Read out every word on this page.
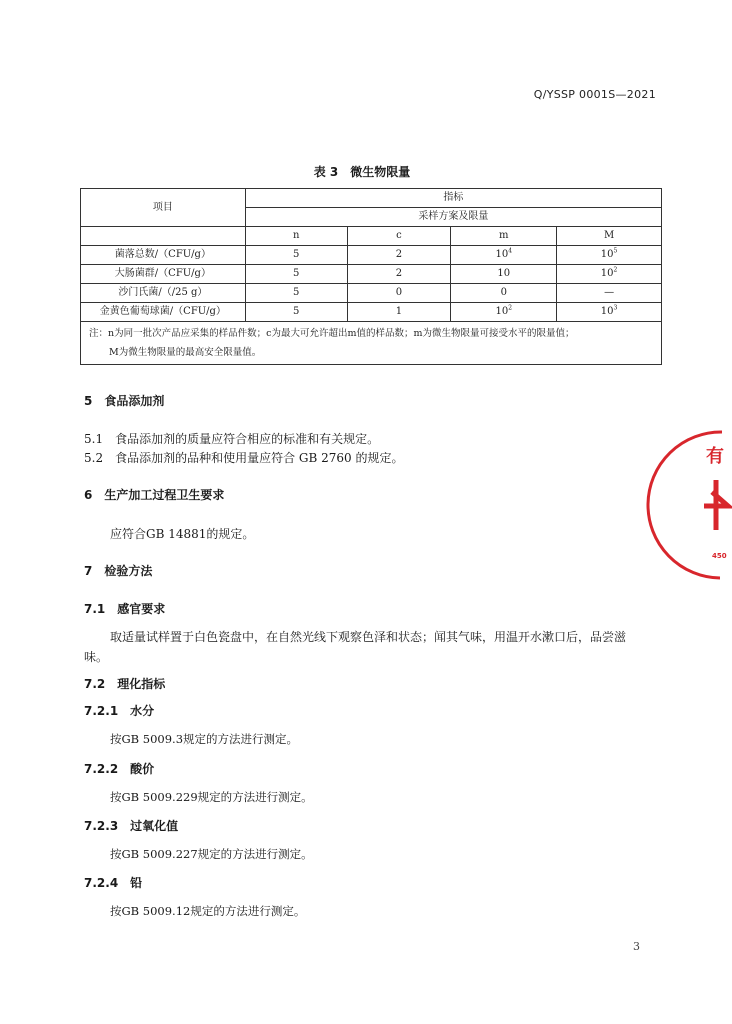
Q/YSSP 0001S—2021
表 3　微生物限量
项目	指标			
	采样方案及限量			
	n	c	m	M
菌落总数/（CFU/g）	5	2	$10^4$	$10^5$
大肠菌群/（CFU/g）	5	2	10	$10^2$
沙门氏菌/（/25 g）	5	0	0	—
金黄色葡萄球菌/（CFU/g）	5	1	$10^2$	$10^3$

注：n为同一批次产品应采集的样品件数；c为最大可允许超出m值的样品数；m为微生物限量可接受水平的限量值；
M为微生物限量的最高安全限量值。				
5　食品添加剂
5.1　食品添加剂的质量应符合相应的标准和有关规定。
5.2　食品添加剂的品种和使用量应符合 GB 2760 的规定。
6　生产加工过程卫生要求
应符合GB 14881的规定。
7　检验方法
7.1　感官要求
取适量试样置于白色瓷盘中，在自然光线下观察色泽和状态；闻其气味，用温开水漱口后，品尝滋
味。
7.2　理化指标
7.2.1　水分
按GB 5009.3规定的方法进行测定。
7.2.2　酸价
按GB 5009.229规定的方法进行测定。
7.2.3　过氧化值
按GB 5009.227规定的方法进行测定。
7.2.4　铅
按GB 5009.12规定的方法进行测定。
3
有
450
